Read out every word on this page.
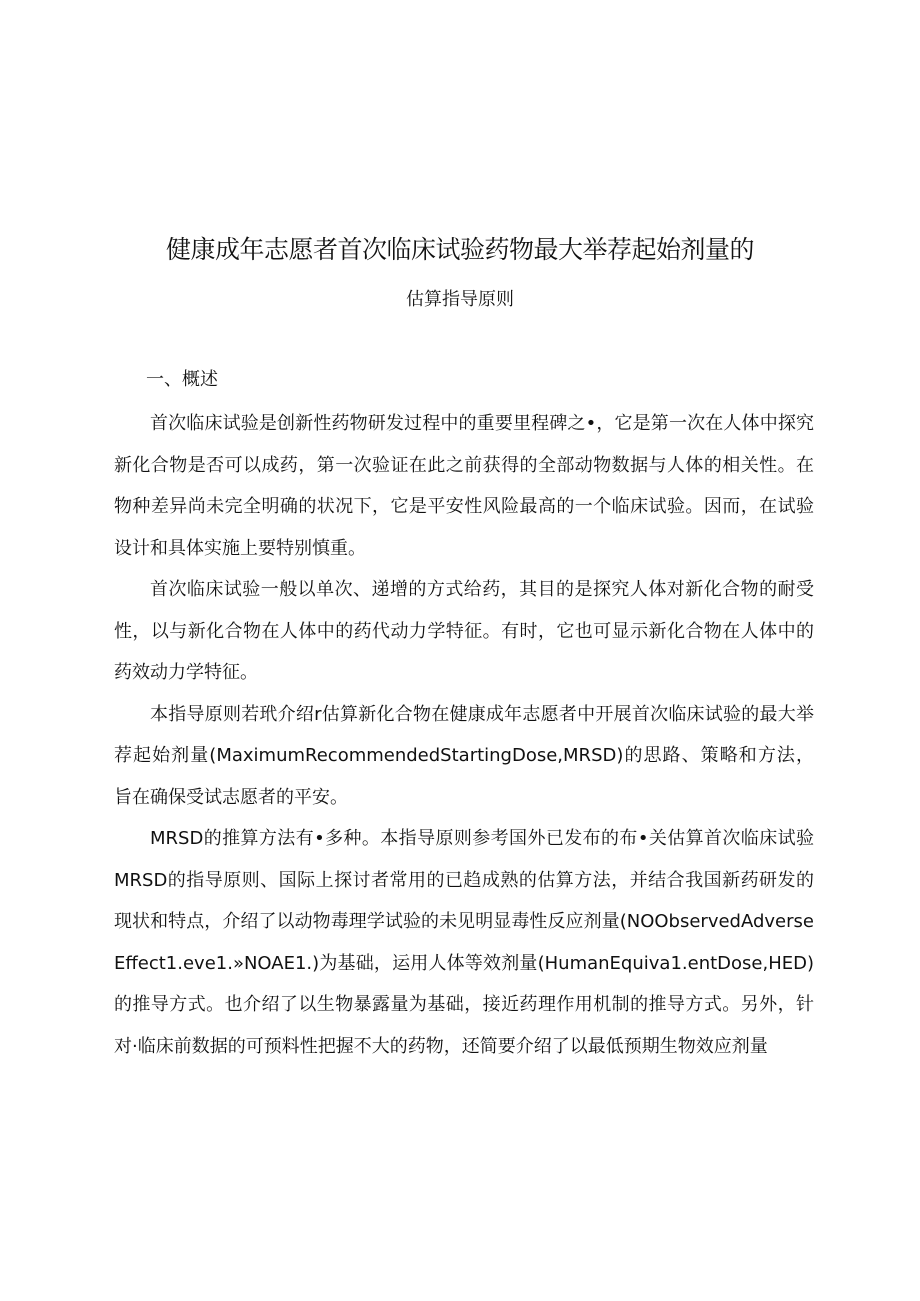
健康成年志愿者首次临床试验药物最大举荐起始剂量的
估算指导原则
一、概述

首次临床试验是创新性药物研发过程中的重要里程碑之•，它是第一次在人体中探究新化合物是否可以成药，第一次验证在此之前获得的全部动物数据与人体的相关性。在物种差异尚未完全明确的状况下，它是平安性风险最高的一个临床试验。因而，在试验设计和具体实施上要特别慎重。

首次临床试验一般以单次、递增的方式给药，其目的是探究人体对新化合物的耐受性，以与新化合物在人体中的药代动力学特征。有时，它也可显示新化合物在人体中的药效动力学特征。

本指导原则若玳介绍r估算新化合物在健康成年志愿者中开展首次临床试验的最大举荐起始剂量(MaximumRecommendedStartingDose,MRSD)的思路、策略和方法，旨在确保受试志愿者的平安。

MRSD的推算方法有•多种。本指导原则参考国外已发布的布•关估算首次临床试验MRSD的指导原则、国际上探讨者常用的已趋成熟的估算方法，并结合我国新药研发的现状和特点，介绍了以动物毒理学试验的未见明显毒性反应剂量(NOObservedAdverseEffect1.eve1.»NOAE1.)为基础，运用人体等效剂量(HumanEquiva1.entDose,HED)的推导方式。也介绍了以生物暴露量为基础，接近药理作用机制的推导方式。另外，针对·临床前数据的可预料性把握不大的药物，还简要介绍了以最低预期生物效应剂量
